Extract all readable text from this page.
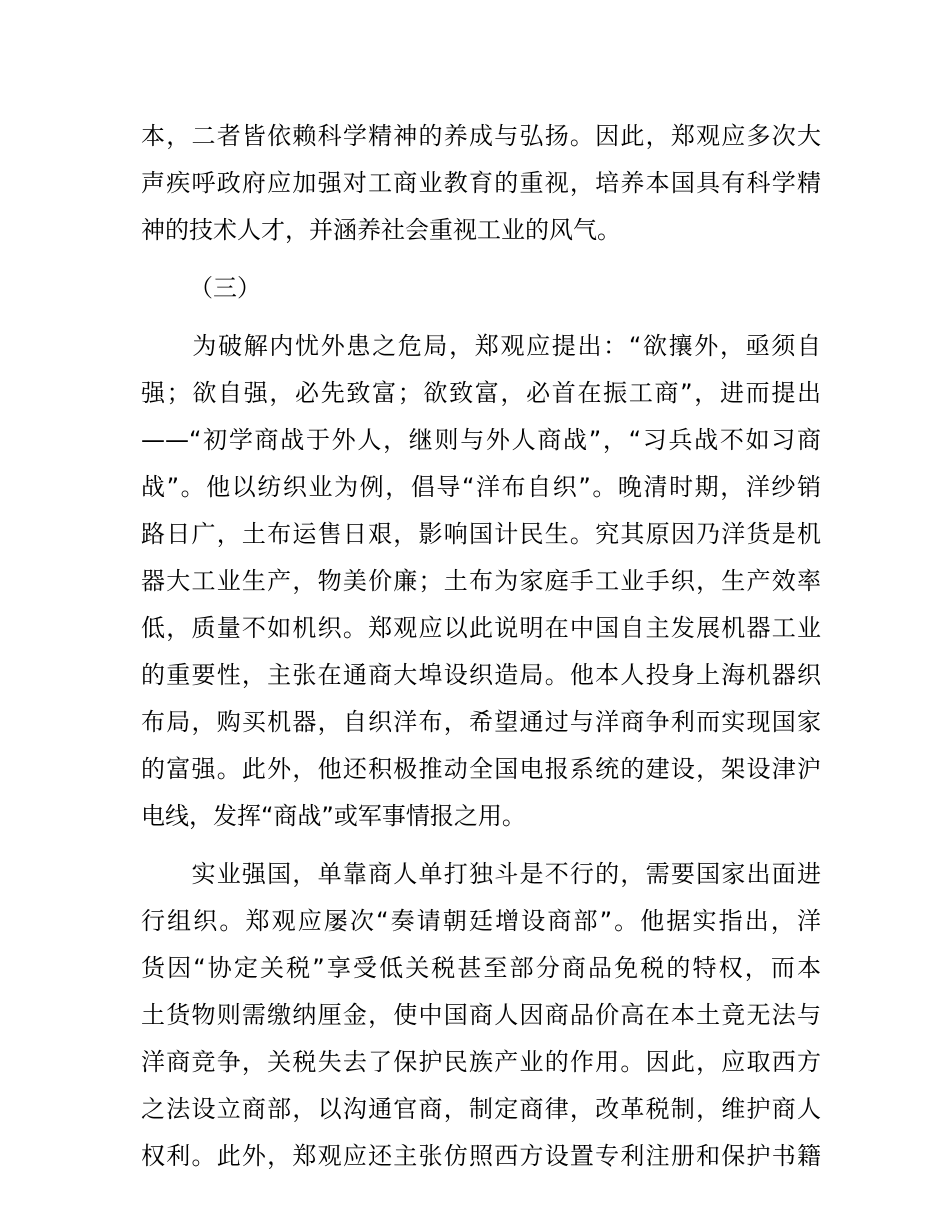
本，二者皆依赖科学精神的养成与弘扬。因此，郑观应多次大
声疾呼政府应加强对工商业教育的重视，培养本国具有科学精
神的技术人才，并涵养社会重视工业的风气。
（三）
　　为破解内忧外患之危局，郑观应提出：“欲攘外，亟须自
强；欲自强，必先致富；欲致富，必首在振工商”，进而提出
——“初学商战于外人，继则与外人商战”，“习兵战不如习商
战”。他以纺织业为例，倡导“洋布自织”。晚清时期，洋纱销
路日广，土布运售日艰，影响国计民生。究其原因乃洋货是机
器大工业生产，物美价廉；土布为家庭手工业手织，生产效率
低，质量不如机织。郑观应以此说明在中国自主发展机器工业
的重要性，主张在通商大埠设织造局。他本人投身上海机器织
布局，购买机器，自织洋布，希望通过与洋商争利而实现国家
的富强。此外，他还积极推动全国电报系统的建设，架设津沪
电线，发挥“商战”或军事情报之用。
　　实业强国，单靠商人单打独斗是不行的，需要国家出面进
行组织。郑观应屡次“奏请朝廷增设商部”。他据实指出，洋
货因“协定关税”享受低关税甚至部分商品免税的特权，而本
土货物则需缴纳厘金，使中国商人因商品价高在本土竟无法与
洋商竞争，关税失去了保护民族产业的作用。因此，应取西方
之法设立商部，以沟通官商，制定商律，改革税制，维护商人
权利。此外，郑观应还主张仿照西方设置专利注册和保护书籍
